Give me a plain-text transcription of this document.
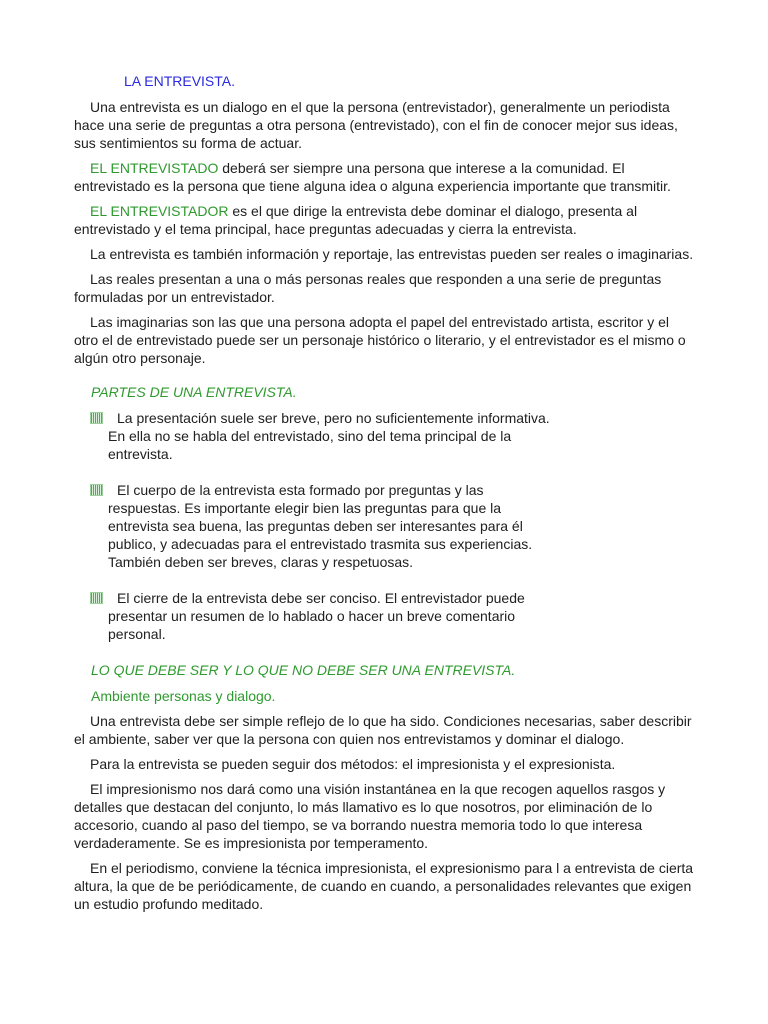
LA ENTREVISTA.

Una entrevista es un dialogo en el que la persona (entrevistador), generalmente un periodista hace una serie de preguntas a otra persona (entrevistado), con el fin de conocer mejor sus ideas, sus sentimientos su forma de actuar.

EL ENTREVISTADO deberá ser siempre una persona que interese a la comunidad. El entrevistado es la persona que tiene alguna idea o alguna experiencia importante que transmitir.

EL ENTREVISTADOR es el que dirige la entrevista debe dominar el dialogo, presenta al entrevistado y el tema principal, hace preguntas adecuadas y cierra la entrevista.

La entrevista es también información y reportaje, las entrevistas pueden ser reales o imaginarias.

Las reales presentan a una o más personas reales que responden a una serie de preguntas formuladas por un entrevistador.

Las imaginarias son las que una persona adopta el papel del entrevistado artista, escritor y el otro el de entrevistado puede ser un personaje histórico o literario, y el entrevistador es el mismo o algún otro personaje.

PARTES DE UNA ENTREVISTA.
La presentación suele ser breve, pero no suficientemente informativa. En ella no se habla del entrevistado, sino del tema principal de la entrevista.
El cuerpo de la entrevista esta formado por preguntas y las respuestas. Es importante elegir bien las preguntas para que la entrevista sea buena, las preguntas deben ser interesantes para él publico, y adecuadas para el entrevistado trasmita sus experiencias. También deben ser breves, claras y respetuosas.
El cierre de la entrevista debe ser conciso. El entrevistador puede presentar un resumen de lo hablado o hacer un breve comentario personal.
LO QUE DEBE SER Y LO QUE NO DEBE SER UNA ENTREVISTA.
Ambiente personas y dialogo.

Una entrevista debe ser simple reflejo de lo que ha sido. Condiciones necesarias, saber describir el ambiente, saber ver que la persona con quien nos entrevistamos y dominar el dialogo.

Para la entrevista se pueden seguir dos métodos: el impresionista y el expresionista.

El impresionismo nos dará como una visión instantánea en la que recogen aquellos rasgos y detalles que destacan del conjunto, lo más llamativo es lo que nosotros, por eliminación de lo accesorio, cuando al paso del tiempo, se va borrando nuestra memoria todo lo que interesa verdaderamente. Se es impresionista por temperamento.

En el periodismo, conviene la técnica impresionista, el expresionismo para l a entrevista de cierta altura, la que de be periódicamente, de cuando en cuando, a personalidades relevantes que exigen un estudio profundo meditado.
